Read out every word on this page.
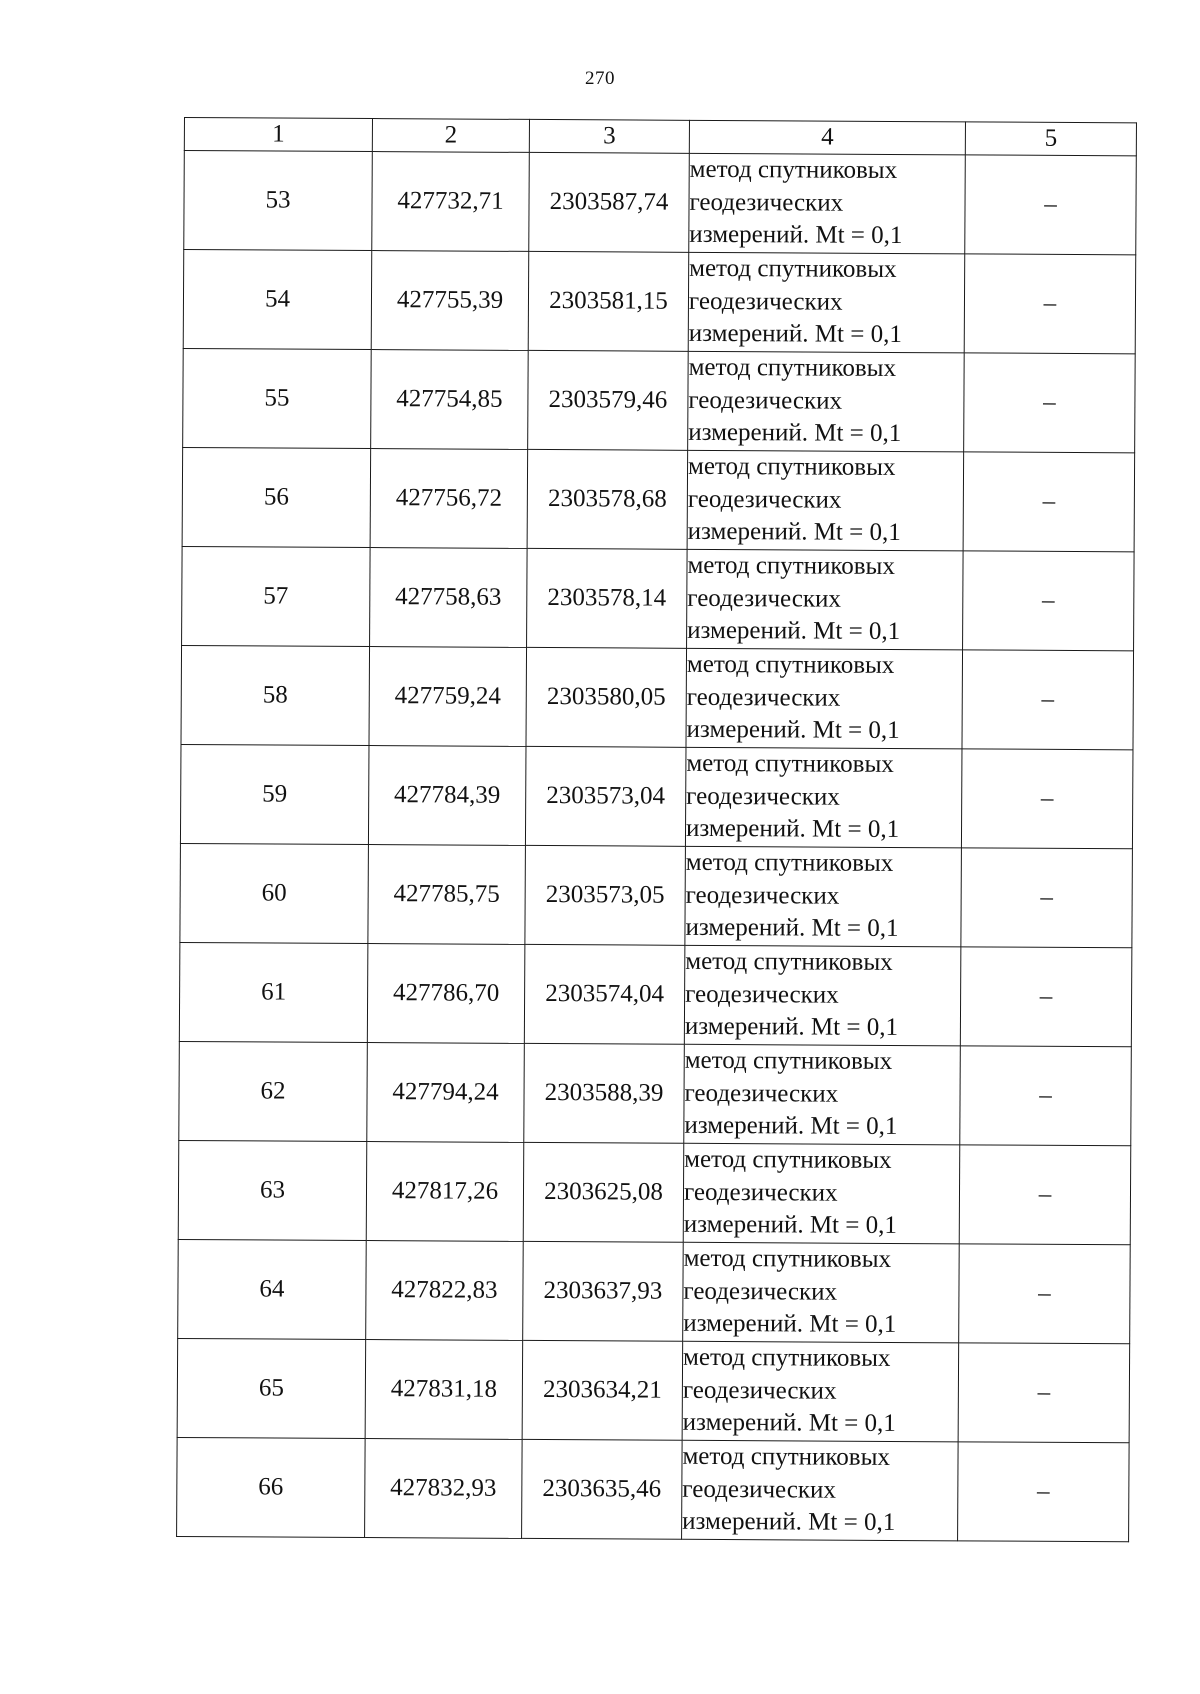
270
1	2	3	4	5
53	427732,71	2303587,74	метод спутниковых
геодезических
измерений. Mt = 0,1	–
54	427755,39	2303581,15	метод спутниковых
геодезических
измерений. Mt = 0,1	–
55	427754,85	2303579,46	метод спутниковых
геодезических
измерений. Mt = 0,1	–
56	427756,72	2303578,68	метод спутниковых
геодезических
измерений. Mt = 0,1	–
57	427758,63	2303578,14	метод спутниковых
геодезических
измерений. Mt = 0,1	–
58	427759,24	2303580,05	метод спутниковых
геодезических
измерений. Mt = 0,1	–
59	427784,39	2303573,04	метод спутниковых
геодезических
измерений. Mt = 0,1	–
60	427785,75	2303573,05	метод спутниковых
геодезических
измерений. Mt = 0,1	–
61	427786,70	2303574,04	метод спутниковых
геодезических
измерений. Mt = 0,1	–
62	427794,24	2303588,39	метод спутниковых
геодезических
измерений. Mt = 0,1	–
63	427817,26	2303625,08	метод спутниковых
геодезических
измерений. Mt = 0,1	–
64	427822,83	2303637,93	метод спутниковых
геодезических
измерений. Mt = 0,1	–
65	427831,18	2303634,21	метод спутниковых
геодезических
измерений. Mt = 0,1	–
66	427832,93	2303635,46	метод спутниковых
геодезических
измерений. Mt = 0,1	–
